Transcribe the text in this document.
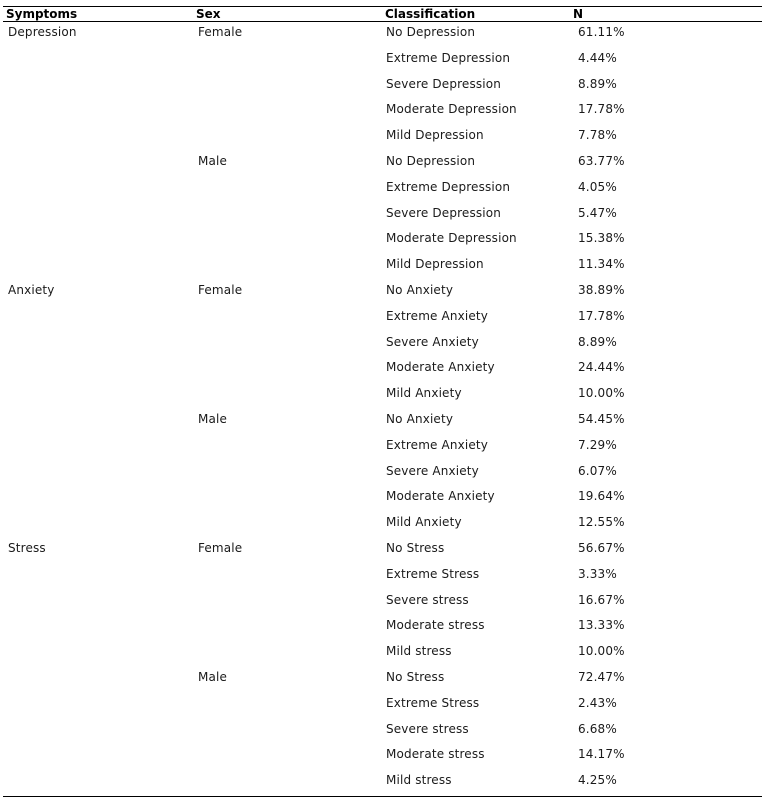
Symptoms	Sex	Classification	N
Depression	Female	No Depression	61.11%
		Extreme Depression	4.44%
		Severe Depression	8.89%
		Moderate Depression	17.78%
		Mild Depression	7.78%
	Male	No Depression	63.77%
		Extreme Depression	4.05%
		Severe Depression	5.47%
		Moderate Depression	15.38%
		Mild Depression	11.34%
Anxiety	Female	No Anxiety	38.89%
		Extreme Anxiety	17.78%
		Severe Anxiety	8.89%
		Moderate Anxiety	24.44%
		Mild Anxiety	10.00%
	Male	No Anxiety	54.45%
		Extreme Anxiety	7.29%
		Severe Anxiety	6.07%
		Moderate Anxiety	19.64%
		Mild Anxiety	12.55%
Stress	Female	No Stress	56.67%
		Extreme Stress	3.33%
		Severe stress	16.67%
		Moderate stress	13.33%
		Mild stress	10.00%
	Male	No Stress	72.47%
		Extreme Stress	2.43%
		Severe stress	6.68%
		Moderate stress	14.17%
		Mild stress	4.25%
